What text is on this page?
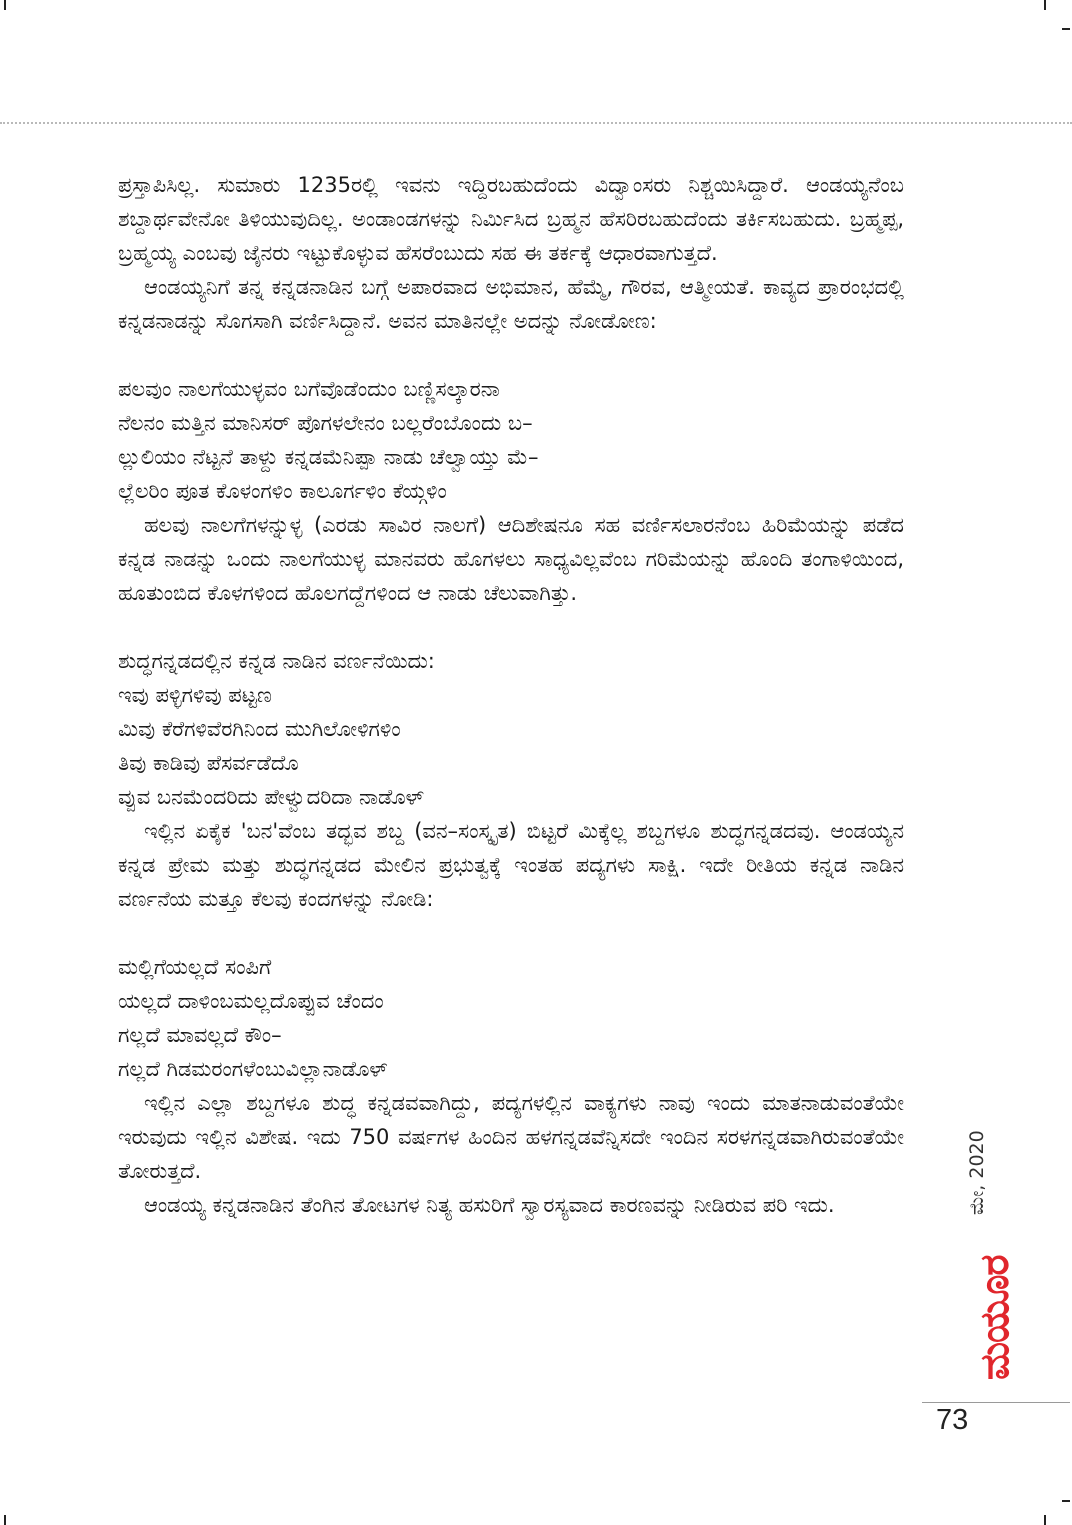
ಪ್ರಸ್ತಾಪಿಸಿಲ್ಲ. ಸುಮಾರು 1235ರಲ್ಲಿ ಇವನು ಇದ್ದಿರಬಹುದೆಂದು ವಿದ್ವಾಂಸರು ನಿಶ್ಚಯಿಸಿದ್ದಾರೆ. ಆಂಡಯ್ಯನೆಂಬ ಶಬ್ದಾರ್ಥವೇನೋ ತಿಳಿಯುವುದಿಲ್ಲ. ಅಂಡಾಂಡಗಳನ್ನು ನಿರ್ಮಿಸಿದ ಬ್ರಹ್ಮನ ಹೆಸರಿರಬಹುದೆಂದು ತರ್ಕಿಸಬಹುದು. ಬ್ರಹ್ಮಪ್ಪ, ಬ್ರಹ್ಮಯ್ಯ ಎಂಬವು ಜೈನರು ಇಟ್ಟುಕೊಳ್ಳುವ ಹೆಸರೆಂಬುದು ಸಹ ಈ ತರ್ಕಕ್ಕೆ ಆಧಾರವಾಗುತ್ತದೆ.

ಆಂಡಯ್ಯನಿಗೆ ತನ್ನ ಕನ್ನಡನಾಡಿನ ಬಗ್ಗೆ ಅಪಾರವಾದ ಅಭಿಮಾನ, ಹೆಮ್ಮೆ, ಗೌರವ, ಆತ್ಮೀಯತೆ. ಕಾವ್ಯದ ಪ್ರಾರಂಭದಲ್ಲಿ ಕನ್ನಡನಾಡನ್ನು ಸೊಗಸಾಗಿ ವರ್ಣಿಸಿದ್ದಾನೆ. ಅವನ ಮಾತಿನಲ್ಲೇ ಅದನ್ನು ನೋಡೋಣ:

ಪಲವುಂ ನಾಲಗೆಯುಳ್ಳವಂ ಬಗೆವೊಡೆಂದುಂ ಬಣ್ಣಿಸಲ್ಕಾರನಾ

ನೆಲನಂ ಮತ್ತಿನ ಮಾನಿಸರ್ ಪೊಗಳಲೇನಂ ಬಲ್ಲರೆಂಬೊಂದು ಬ–

ಲ್ಲುಲಿಯಂ ನೆಟ್ಟನೆ ತಾಳ್ದು ಕನ್ನಡಮೆನಿಪ್ಪಾ ನಾಡು ಚೆಲ್ವಾಯ್ತು ಮೆ–

ಲ್ಲೆಲರಿಂ ಪೂತ ಕೊಳಂಗಳಿಂ ಕಾಲೂರ್ಗಳಿಂ ಕೆಯ್ಗಳಿಂ

ಹಲವು ನಾಲಗೆಗಳನ್ನುಳ್ಳ (ಎರಡು ಸಾವಿರ ನಾಲಗೆ) ಆದಿಶೇಷನೂ ಸಹ ವರ್ಣಿಸಲಾರನೆಂಬ ಹಿರಿಮೆಯನ್ನು ಪಡೆದ ಕನ್ನಡ ನಾಡನ್ನು ಒಂದು ನಾಲಗೆಯುಳ್ಳ ಮಾನವರು ಹೊಗಳಲು ಸಾಧ್ಯವಿಲ್ಲವೆಂಬ ಗರಿಮೆಯನ್ನು ಹೊಂದಿ ತಂಗಾಳಿಯಿಂದ, ಹೂತುಂಬಿದ ಕೊಳಗಳಿಂದ ಹೊಲಗದ್ದೆಗಳಿಂದ ಆ ನಾಡು ಚೆಲುವಾಗಿತ್ತು.

ಶುದ್ಧಗನ್ನಡದಲ್ಲಿನ ಕನ್ನಡ ನಾಡಿನ ವರ್ಣನೆಯಿದು:

ಇವು ಪಳ್ಳಿಗಳಿವು ಪಟ್ಟಣ

ಮಿವು ಕೆರೆಗಳಿವೆರಗಿನಿಂದ ಮುಗಿಲೋಳಿಗಳಿಂ

ತಿವು ಕಾಡಿವು ಪೆಸರ್ವಡೆದೊ

ವ್ಪುವ ಬನಮೆಂದರಿದು ಪೇಳ್ವುದರಿದಾ ನಾಡೊಳ್

ಇಲ್ಲಿನ ಏಕೈಕ 'ಬನ'ವೆಂಬ ತದ್ಭವ ಶಬ್ದ (ವನ–ಸಂಸ್ಕೃತ) ಬಿಟ್ಟರೆ ಮಿಕ್ಕೆಲ್ಲ ಶಬ್ದಗಳೂ ಶುದ್ಧಗನ್ನಡದವು. ಆಂಡಯ್ಯನ ಕನ್ನಡ ಪ್ರೇಮ ಮತ್ತು ಶುದ್ಧಗನ್ನಡದ ಮೇಲಿನ ಪ್ರಭುತ್ವಕ್ಕೆ ಇಂತಹ ಪದ್ಯಗಳು ಸಾಕ್ಷಿ. ಇದೇ ರೀತಿಯ ಕನ್ನಡ ನಾಡಿನ ವರ್ಣನೆಯ ಮತ್ತೂ ಕೆಲವು ಕಂದಗಳನ್ನು ನೋಡಿ:

ಮಲ್ಲಿಗೆಯಲ್ಲದೆ ಸಂಪಿಗೆ

ಯಲ್ಲದೆ ದಾಳಿಂಬಮಲ್ಲದೊಪ್ಪುವ ಚೆಂದಂ

ಗಲ್ಲದೆ ಮಾವಲ್ಲದೆ ಕೌಂ–

ಗಲ್ಲದೆ ಗಿಡಮರಂಗಳೆಂಬುವಿಲ್ಲಾನಾಡೊಳ್

ಇಲ್ಲಿನ ಎಲ್ಲಾ ಶಬ್ದಗಳೂ ಶುದ್ಧ ಕನ್ನಡವವಾಗಿದ್ದು, ಪದ್ಯಗಳಲ್ಲಿನ ವಾಕ್ಯಗಳು ನಾವು ಇಂದು ಮಾತನಾಡುವಂತೆಯೇ ಇರುವುದು ಇಲ್ಲಿನ ವಿಶೇಷ. ಇದು 750 ವರ್ಷಗಳ ಹಿಂದಿನ ಹಳಗನ್ನಡವೆನ್ನಿಸದೇ ಇಂದಿನ ಸರಳಗನ್ನಡವಾಗಿರುವಂತೆಯೇ ತೋರುತ್ತದೆ.

ಆಂಡಯ್ಯ ಕನ್ನಡನಾಡಿನ ತೆಂಗಿನ ತೋಟಗಳ ನಿತ್ಯ ಹಸುರಿಗೆ ಸ್ವಾರಸ್ಯವಾದ ಕಾರಣವನ್ನು ನೀಡಿರುವ ಪರಿ ಇದು.	ಮೇ, 2020
ಮಯೂರ
73
